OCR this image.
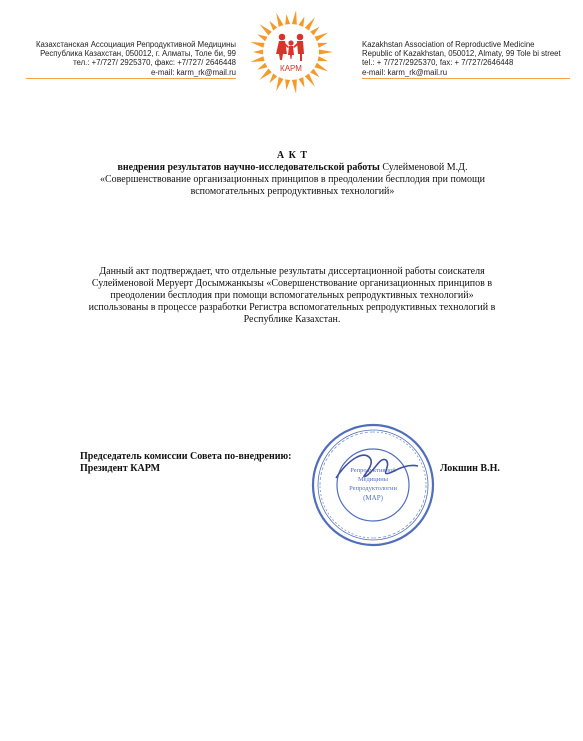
Казахстанская Ассоциация Репродуктивной Медицины
Республика Казахстан, 050012, г. Алматы, Толе би, 99
тел.: +7/727/ 2925370, факс: +7/727/ 2646448
e-mail: karm_rk@mail.ru	КАРМ
Kazakhstan Association of Reproductive Medicine
Republic of Kazakhstan, 050012, Almaty, 99 Tole bi street
tel.: + 7/727/2925370, fax: + 7/727/2646448
e-mail: karm_rk@mail.ru
А К Т
внедрения результатов научно-исследовательской работы Сулейменовой М.Д.
«Совершенствование организационных принципов в преодолении бесплодия при помощи
вспомогательных репродуктивных технологий»
Данный акт подтверждает, что отдельные результаты диссертационной работы соискателя
Сулейменовой Меруерт Досымжанкызы «Совершенствование организационных принципов в
преодолении бесплодия при помощи вспомогательных репродуктивных технологий»
использованы в процессе разработки Регистра вспомогательных репродуктивных технологий в
Республике Казахстан.
Репродуктивной
Медицины
Репродуктологии
(МАР)
Председатель комиссии Совета по-внедрению:
Президент КАРМ	Локшин В.Н.
